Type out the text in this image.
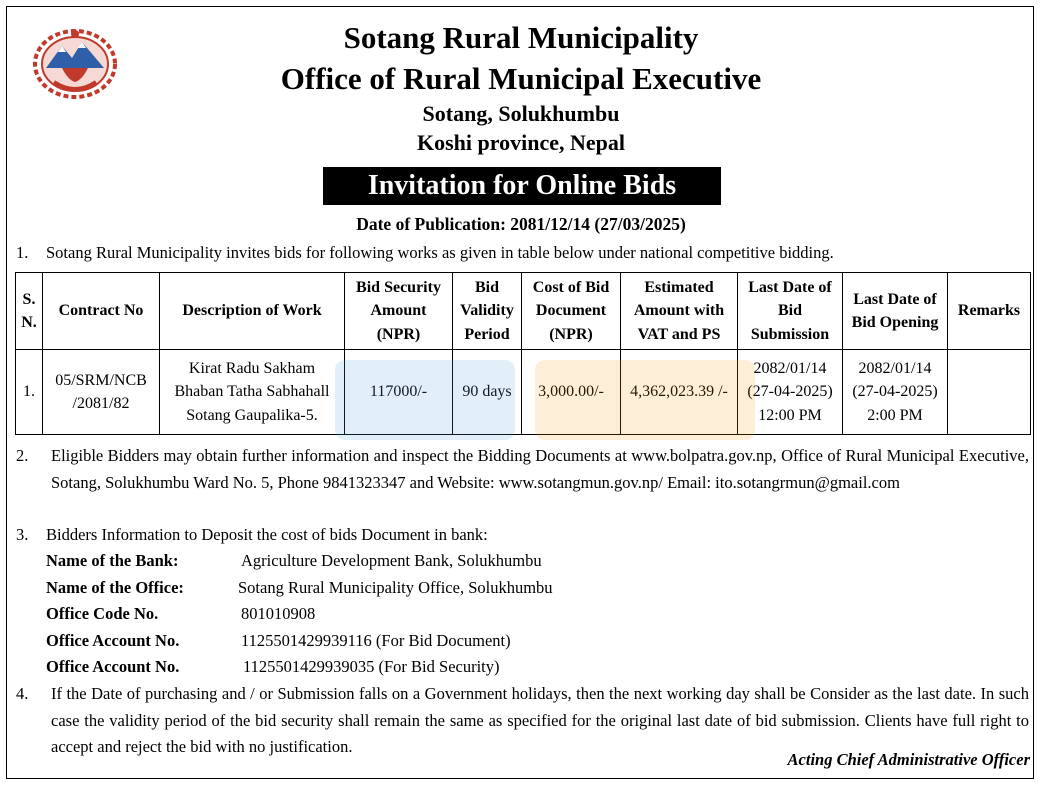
Sotang Rural Municipality
Office of Rural Municipal Executive
Sotang, Solukhumbu
Koshi province, Nepal
Invitation for Online Bids
Date of Publication: 2081/12/14 (27/03/2025)
1. Sotang Rural Municipality invites bids for following works as given in table below under national competitive bidding.
S. N.	Contract No	Description of Work	Bid Security Amount (NPR)	Bid Validity Period	Cost of Bid Document (NPR)	Estimated Amount with VAT and PS	Last Date of Bid Submission	Last Date of Bid Opening	Remarks
1.	05/SRM/NCB /2081/82	Kirat Radu Sakham Bhaban Tatha Sabhahall Sotang Gaupalika-5.	117000/-	90 days	3,000.00/-	4,362,023.39 /-	2082/01/14 (27-04-2025) 12:00 PM	2082/01/14 (27-04-2025) 2:00 PM	
2. Eligible Bidders may obtain further information and inspect the Bidding Documents at www.bolpatra.gov.np, Office of Rural Municipal Executive, Sotang, Solukhumbu Ward No. 5, Phone 9841323347 and Website: www.sotangmun.gov.np/ Email: ito.sotangrmun@gmail.com
3. Bidders Information to Deposit the cost of bids Document in bank:
Name of the Bank:	Agriculture Development Bank, Solukhumbu
Name of the Office:	Sotang Rural Municipality Office, Solukhumbu
Office Code No.	801010908
Office Account No.	1125501429939116 (For Bid Document)
Office Account No.	1125501429939035 (For Bid Security)
4. If the Date of purchasing and / or Submission falls on a Government holidays, then the next working day shall be Consider as the last date. In such case the validity period of the bid security shall remain the same as specified for the original last date of bid submission. Clients have full right to accept and reject the bid with no justification.
Acting Chief Administrative Officer
